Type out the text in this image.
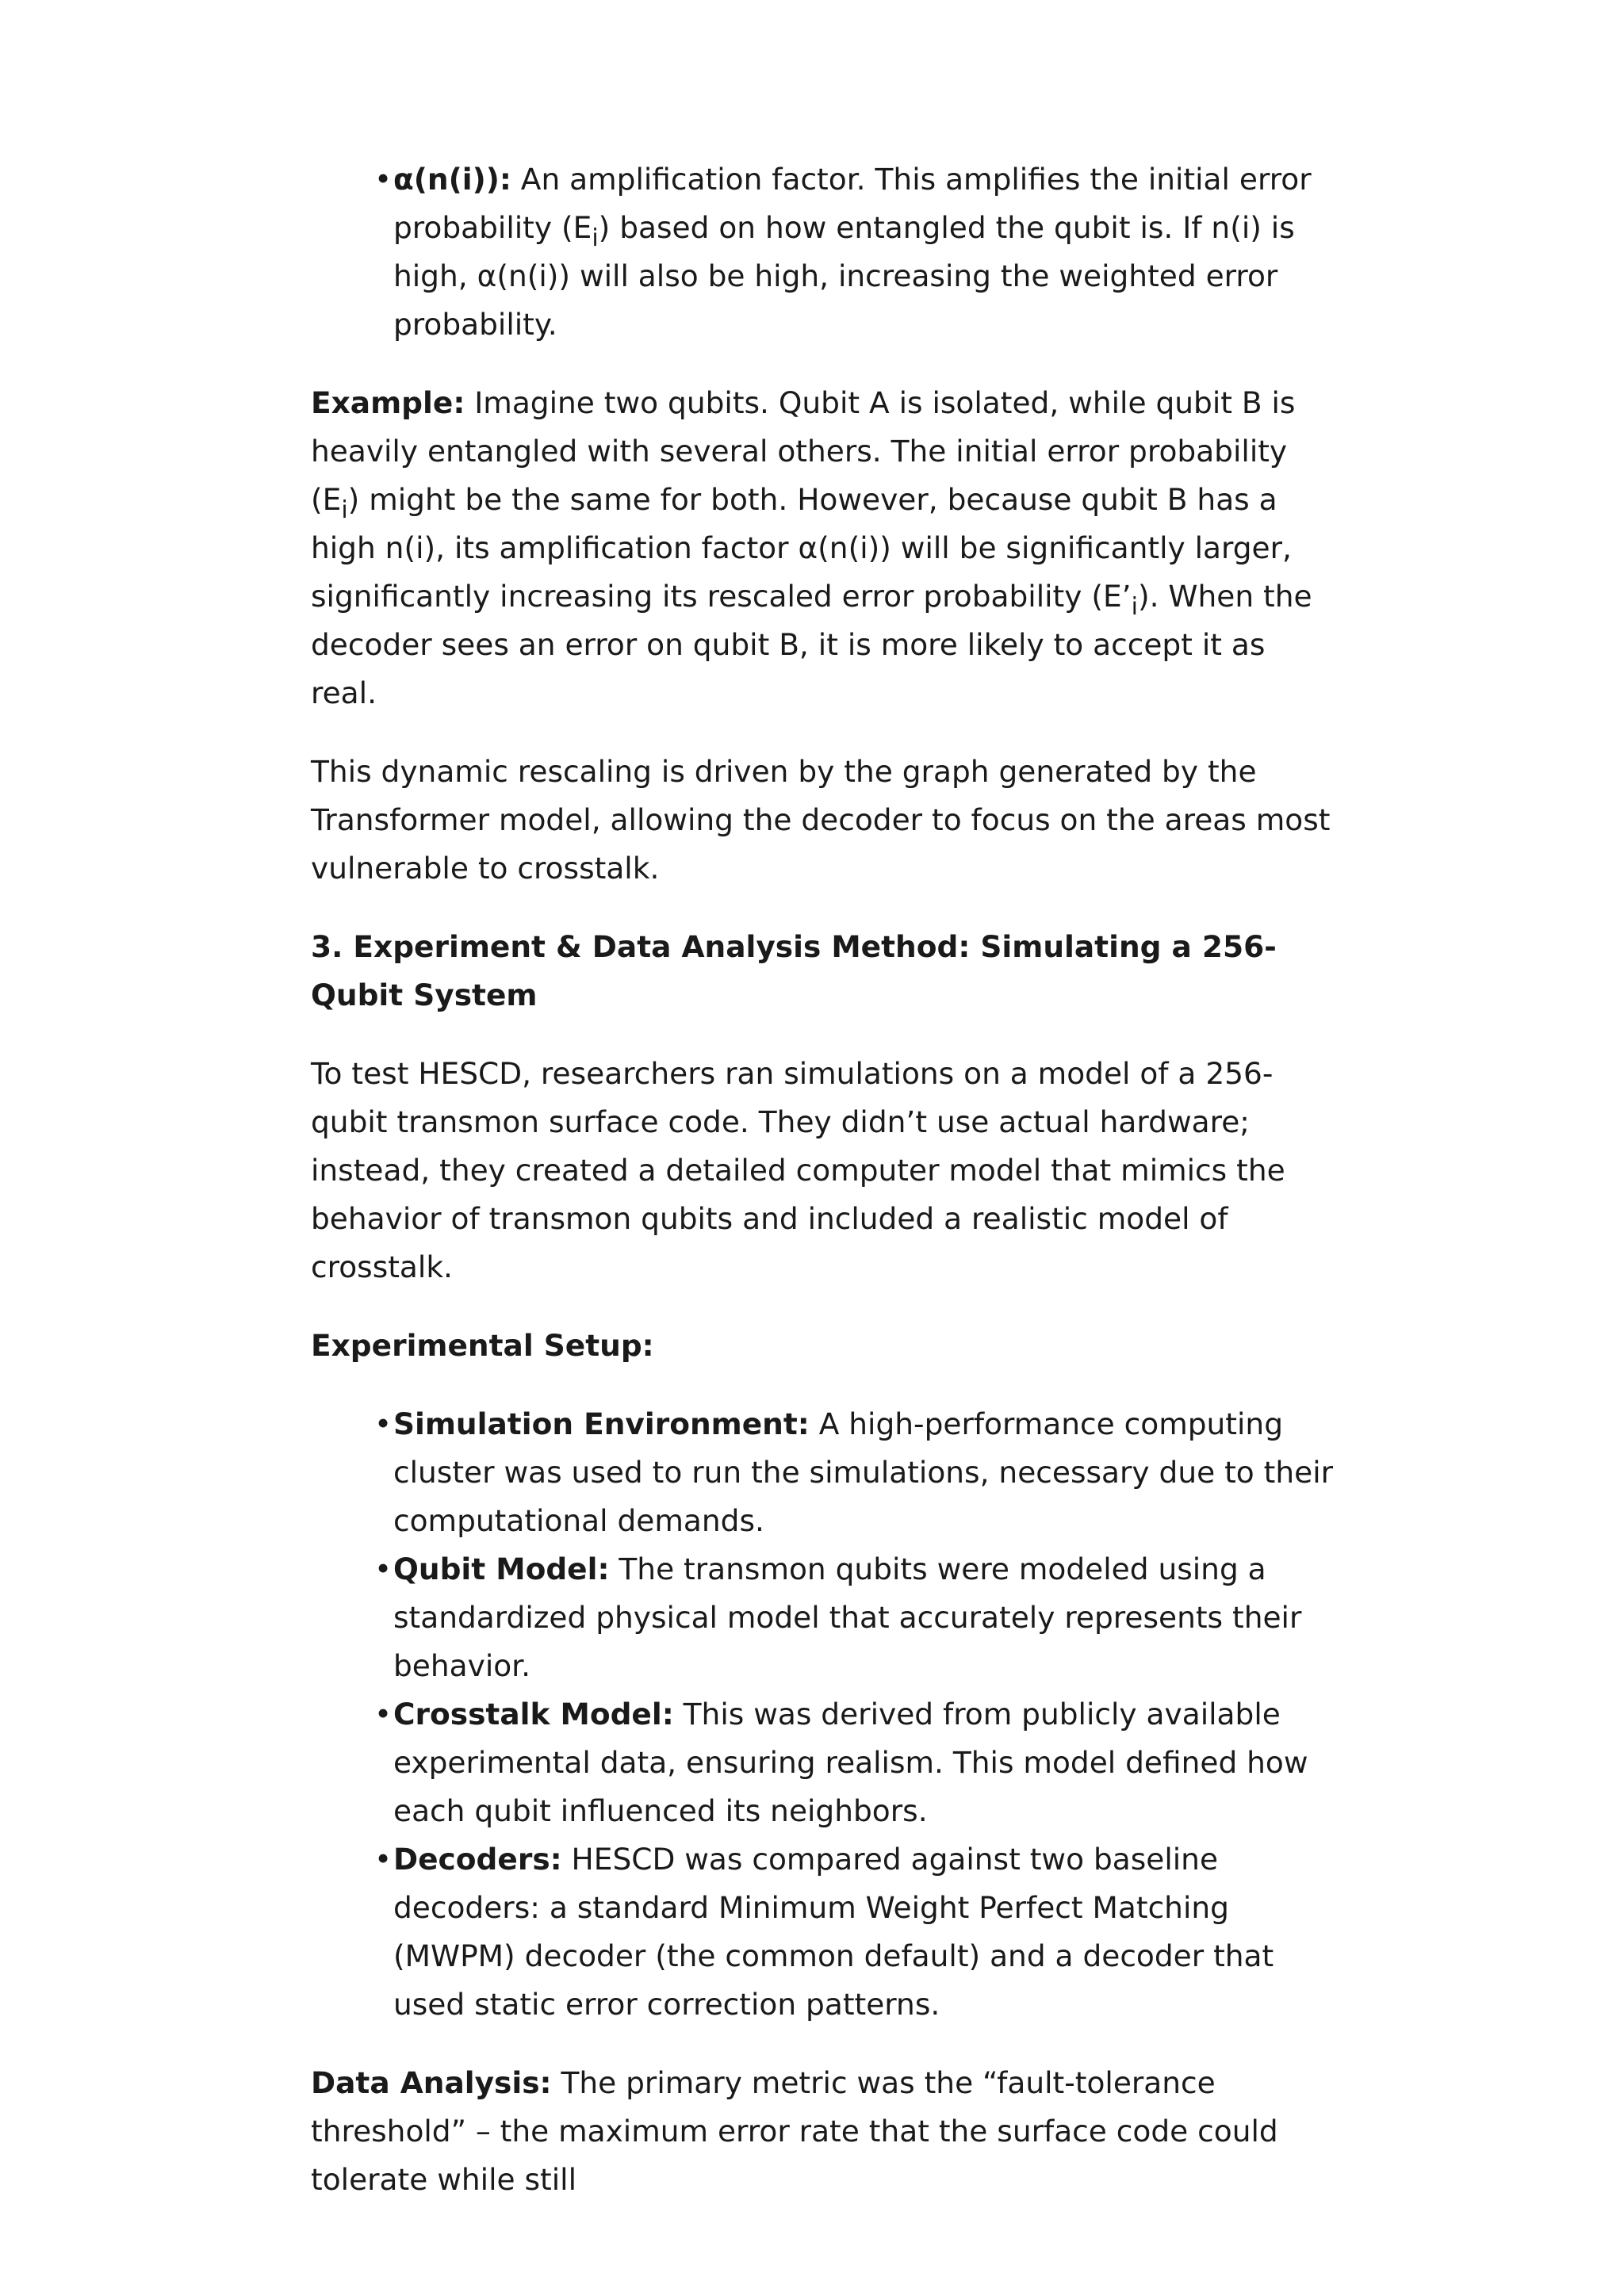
• α(n(i)): An amplification factor. This amplifies the initial error probability $(E_i)$ based on how entangled the qubit is. If n(i) is high, α(n(i)) will also be high, increasing the weighted error probability.

Example: Imagine two qubits. Qubit A is isolated, while qubit B is heavily entangled with several others. The initial error probability $(E_i)$ might be the same for both. However, because qubit B has a high n(i), its amplification factor α(n(i)) will be significantly larger, significantly increasing its rescaled error probability $(E’_i)$. When the decoder sees an error on qubit B, it is more likely to accept it as real.

This dynamic rescaling is driven by the graph generated by the Transformer model, allowing the decoder to focus on the areas most vulnerable to crosstalk.

3. Experiment & Data Analysis Method: Simulating a 256-Qubit System

To test HESCD, researchers ran simulations on a model of a 256-qubit transmon surface code. They didn’t use actual hardware; instead, they created a detailed computer model that mimics the behavior of transmon qubits and included a realistic model of crosstalk.

Experimental Setup:

• Simulation Environment: A high-performance computing cluster was used to run the simulations, necessary due to their computational demands.
• Qubit Model: The transmon qubits were modeled using a standardized physical model that accurately represents their behavior.
• Crosstalk Model: This was derived from publicly available experimental data, ensuring realism. This model defined how each qubit influenced its neighbors.
• Decoders: HESCD was compared against two baseline decoders: a standard Minimum Weight Perfect Matching (MWPM) decoder (the common default) and a decoder that used static error correction patterns.

Data Analysis: The primary metric was the “fault-tolerance threshold” – the maximum error rate that the surface code could tolerate while still
